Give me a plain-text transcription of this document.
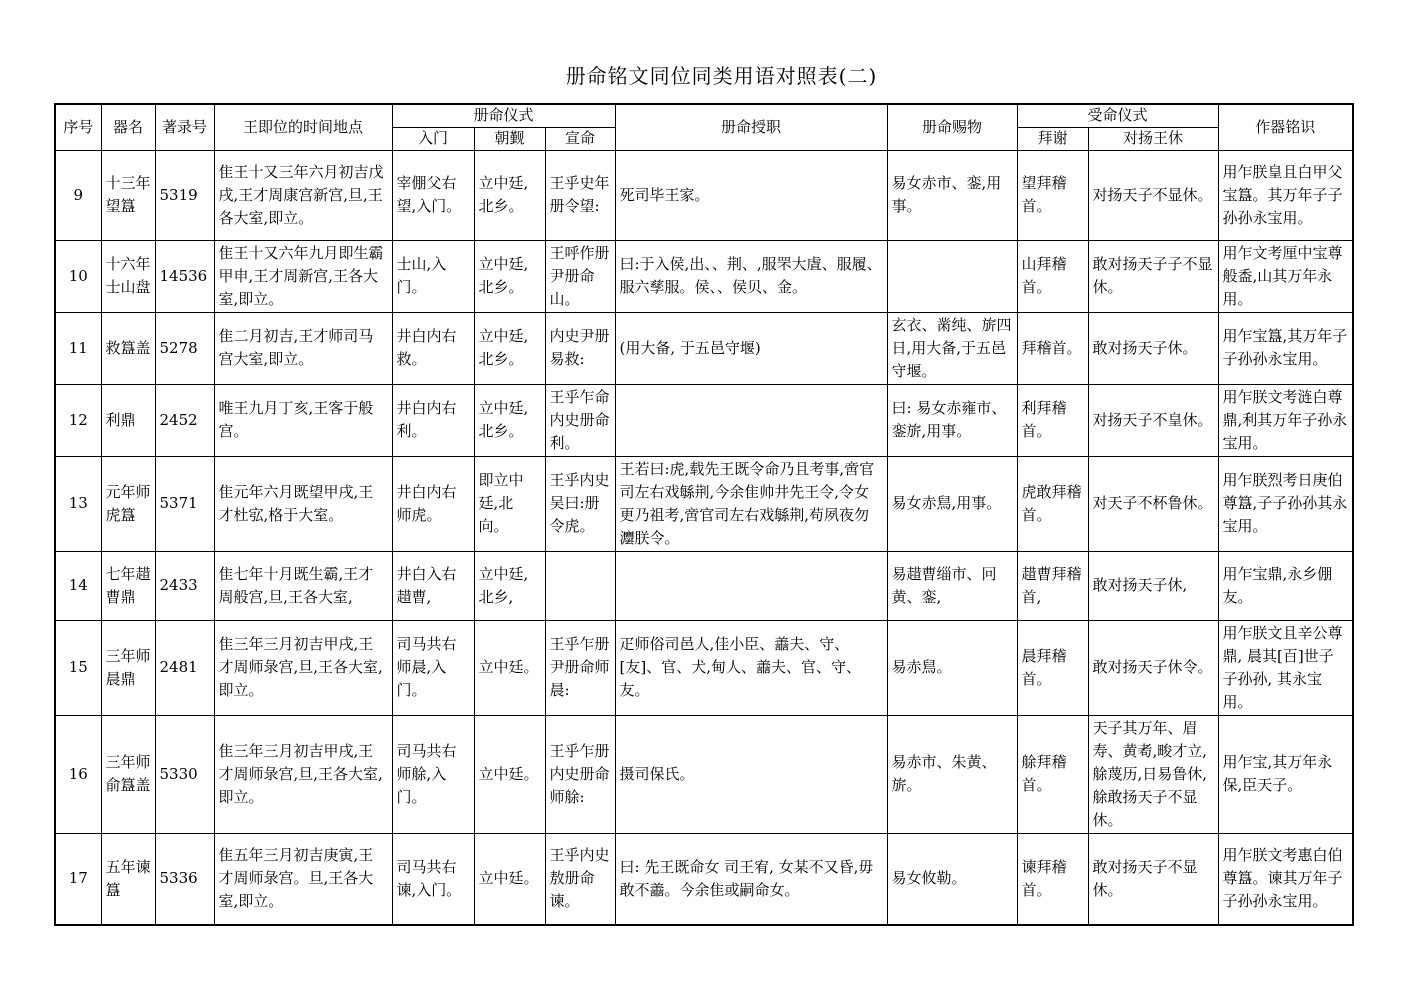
册命铭文同位同类用语对照表(二)
序号	器名	著录号	王即位的时间地点	册命仪式			册命授职	册命赐物	受命仪式		作器铭识
				入门	朝觐	宣命			拜谢	对扬王休	
9	十三年望簋	5319	隹王十又三年六月初吉戊戌,王才周康宫新宫,旦,王各大室,即立。	宰倗父右望,入门。	立中廷,北乡。	王乎史年册令望:	死司毕王家。	易女赤市、銮,用事。	望拜稽首。	对扬天子不显休。	用乍朕皇且白甲父宝簋。其万年子子孙孙永宝用。
10	十六年士山盘	14536	隹王十又六年九月即生霸甲申,王才周新宫,王各大室,即立。	士山,入门。	立中廷,北乡。	王呼作册尹册命山。	曰:于入侯,出、、荆、,服罘大虘、服履、服六孳服。侯、、侯贝、金。		山拜稽首。	敢对扬天子子不显休。	用乍文考厘中宝尊般盉,山其万年永用。
11	救簋盖	5278	隹二月初吉,王才师司马宫大室,即立。	井白内右救。	立中廷,北乡。	内史尹册易救:	(用大备, 于五邑守堰)	玄衣、黹纯、旂四日,用大备,于五邑守堰。	拜稽首。	敢对扬天子休。	用乍宝簋,其万年子子孙孙永宝用。
12	利鼎	2452	唯王九月丁亥,王客于般宫。	井白内右利。	立中廷,北乡。	王乎乍命内史册命利。		曰: 易女赤雍市、銮旂,用事。	利拜稽首。	对扬天子不皇休。	用乍朕文考涟白尊鼎,利其万年子孙永宝用。
13	元年师虎簋	5371	隹元年六月既望甲戌,王才杜宖,格于大室。	井白内右师虎。	即立中廷,北向。	王乎内史吴曰:册令虎。	王若曰:虎,载先王既令命乃且考事,啻官司左右戏緐荆,今余隹帅井先王令,令女更乃祖考,啻官司左右戏緐荆,苟夙夜勿灋朕令。	易女赤舃,用事。	虎敢拜稽首。	对天子不杯鲁休。	用乍朕烈考日庚伯尊簋,子子孙孙其永宝用。
14	七年趞曹鼎	2433	隹七年十月既生霸,王才周般宫,旦,王各大室,	井白入右趞曹,	立中廷,北乡,			易趞曹缁市、冋黄、銮,	趞曹拜稽首,	敢对扬天子休,	用乍宝鼎,永乡倗友。
15	三年师晨鼎	2481	隹三年三月初吉甲戌,王才周师彔宫,旦,王各大室,即立。	司马共右师晨,入门。	立中廷。	王乎乍册尹册命师晨:	疋师俗司邑人,佳小臣、譱夫、守、[友]、官、犬,甸人、譱夫、官、守、友。	易赤舃。	晨拜稽首。	敢对扬天子休令。	用乍朕文且辛公尊鼎, 晨其[百]世子子孙孙, 其永宝用。
16	三年师俞簋盖	5330	隹三年三月初吉甲戌,王才周师彔宫,旦,王各大室,即立。	司马共右师艅,入门。	立中廷。	王乎乍册内史册命师艅:	摄司保氏。	易赤市、朱黄、旂。	艅拜稽首。	天子其万年、眉寿、黄耇,畯才立,艅蔑历,日易鲁休,艅敢扬天子不显休。	用乍宝,其万年永保,臣天子。
17	五年谏簋	5336	隹五年三月初吉庚寅,王才周师彔宫。旦,王各大室,即立。	司马共右谏,入门。	立中廷。	王乎内史敖册命谏。	曰: 先王既命女 司王宥, 女某不又昏,毋敢不譱。今余隹或嗣命女。	易女攸勒。	谏拜稽首。	敢对扬天子不显休。	用乍朕文考惠白伯尊簋。谏其万年子子孙孙永宝用。
